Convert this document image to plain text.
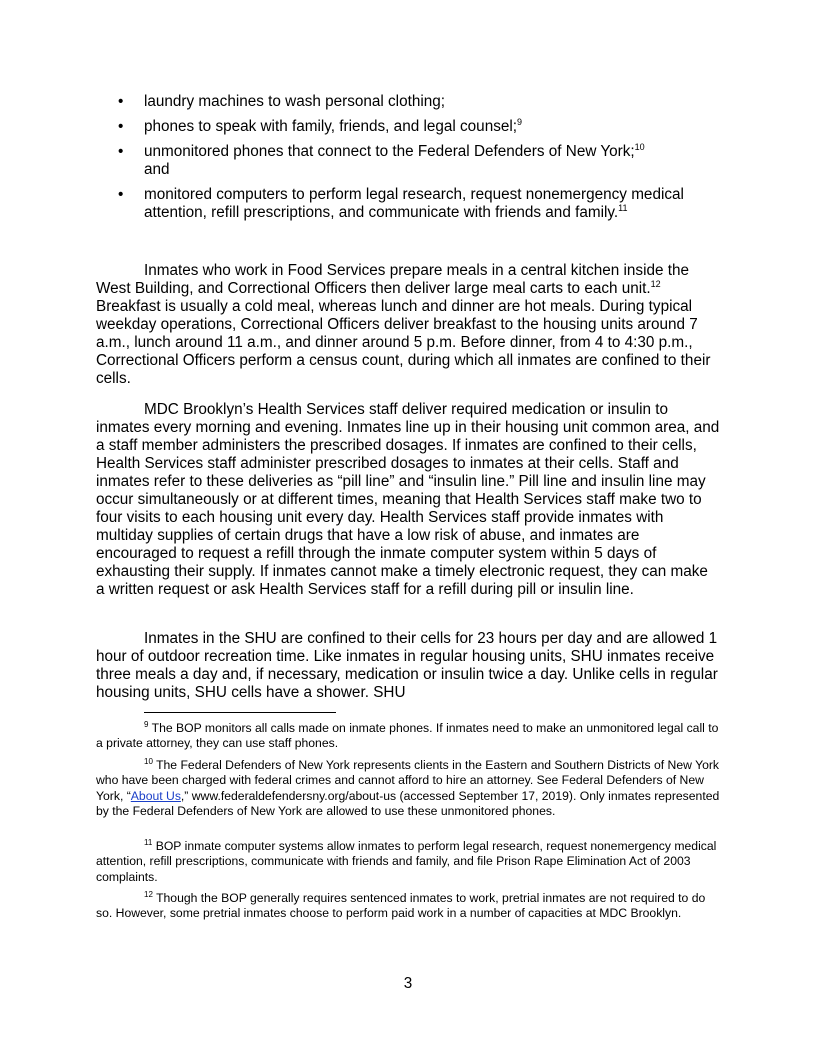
• laundry machines to wash personal clothing;
• phones to speak with family, friends, and legal counsel;$^9$
• unmonitored phones that connect to the Federal Defenders of New York;$^{10}$
and
• monitored computers to perform legal research, request nonemergency medical attention, refill prescriptions, and communicate with friends and family.$^{11}$

Inmates who work in Food Services prepare meals in a central kitchen inside the West Building, and Correctional Officers then deliver large meal carts to each unit.$^{12}$  Breakfast is usually a cold meal, whereas lunch and dinner are hot meals. During typical weekday operations, Correctional Officers deliver breakfast to the housing units around 7 a.m., lunch around 11 a.m., and dinner around 5 p.m. Before dinner, from 4 to 4:30 p.m., Correctional Officers perform a census count, during which all inmates are confined to their cells.

MDC Brooklyn’s Health Services staff deliver required medication or insulin to inmates every morning and evening. Inmates line up in their housing unit common area, and a staff member administers the prescribed dosages. If inmates are confined to their cells, Health Services staff administer prescribed dosages to inmates at their cells. Staff and inmates refer to these deliveries as “pill line” and “insulin line.” Pill line and insulin line may occur simultaneously or at different times, meaning that Health Services staff make two to four visits to each housing unit every day. Health Services staff provide inmates with multiday supplies of certain drugs that have a low risk of abuse, and inmates are encouraged to request a refill through the inmate computer system within 5 days of exhausting their supply. If inmates cannot make a timely electronic request, they can make a written request or ask Health Services staff for a refill during pill or insulin line.

Inmates in the SHU are confined to their cells for 23 hours per day and are allowed 1 hour of outdoor recreation time. Like inmates in regular housing units, SHU inmates receive three meals a day and, if necessary, medication or insulin twice a day. Unlike cells in regular housing units, SHU cells have a shower. SHU

$^9$ The BOP monitors all calls made on inmate phones. If inmates need to make an unmonitored legal call to a private attorney, they can use staff phones.

$^{10}$ The Federal Defenders of New York represents clients in the Eastern and Southern Districts of New York who have been charged with federal crimes and cannot afford to hire an attorney. See Federal Defenders of New York, “About Us,” www.federaldefendersny.org/about-us (accessed September 17, 2019). Only inmates represented by the Federal Defenders of New York are allowed to use these unmonitored phones.

$^{11}$ BOP inmate computer systems allow inmates to perform legal research, request nonemergency medical attention, refill prescriptions, communicate with friends and family, and file Prison Rape Elimination Act of 2003 complaints.

$^{12}$ Though the BOP generally requires sentenced inmates to work, pretrial inmates are not required to do so. However, some pretrial inmates choose to perform paid work in a number of capacities at MDC Brooklyn.

3
